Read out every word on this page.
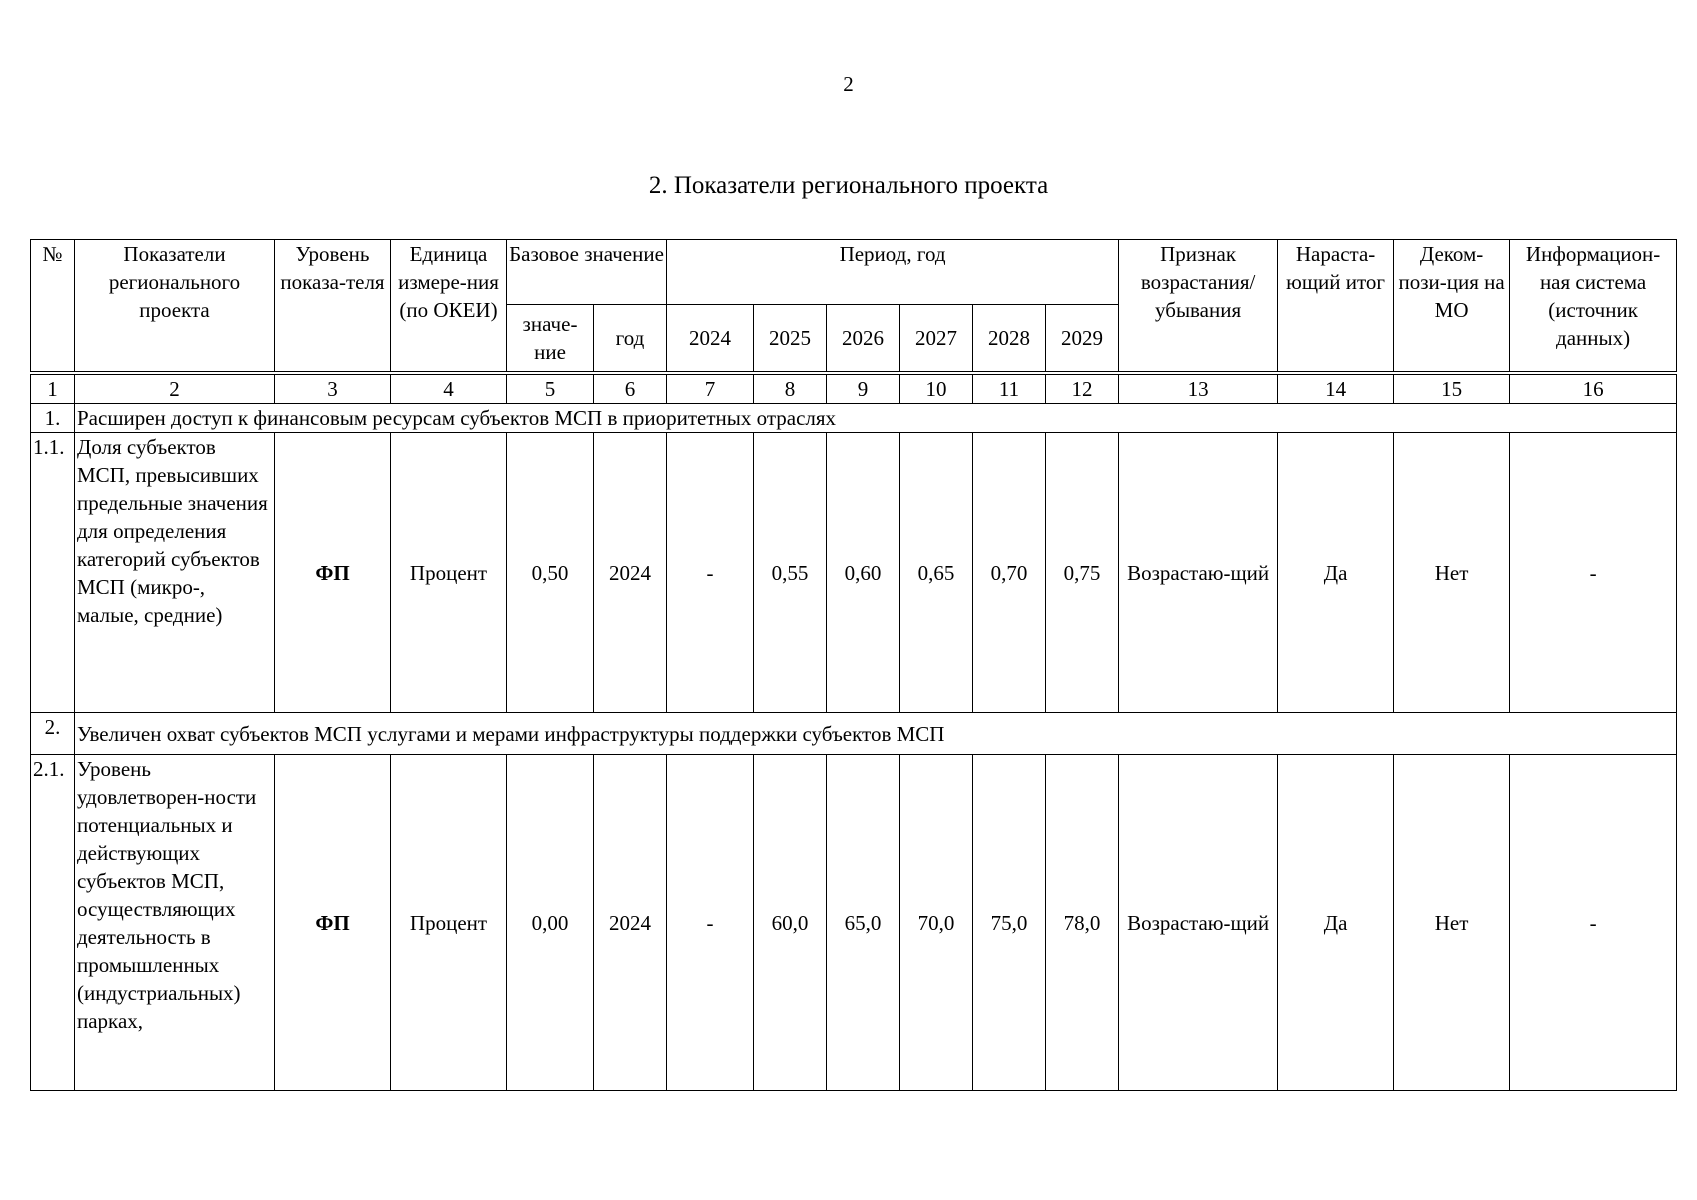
2
2. Показатели регионального проекта
№	Показатели регионального проекта	Уровень показа-теля	Единица измере-ния (по ОКЕИ)	Базовое значение		Период, год						Признак возрастания/ убывания	Нараста-ющий итог	Деком-пози-ция на МО	Информацион-ная система (источник данных)
				значе-ние	год	2024	2025	2026	2027	2028	2029				
1	2	3	4	5	6	7	8	9	10	11	12	13	14	15	16
1.	Расширен доступ к финансовым ресурсам субъектов МСП в приоритетных отраслях														
1.1.	Доля субъектов МСП, превысивших предельные значения для определения категорий субъектов МСП (микро-, малые, средние)	ФП	Процент	0,50	2024	-	0,55	0,60	0,65	0,70	0,75	Возрастаю-щий	Да	Нет	-
2.	Увеличен охват субъектов МСП услугами и мерами инфраструктуры поддержки субъектов МСП														
2.1.	Уровень удовлетворен-ности потенциальных и действующих субъектов МСП, осуществляющих деятельность в промышленных (индустриальных) парках,	ФП	Процент	0,00	2024	-	60,0	65,0	70,0	75,0	78,0	Возрастаю-щий	Да	Нет	-
